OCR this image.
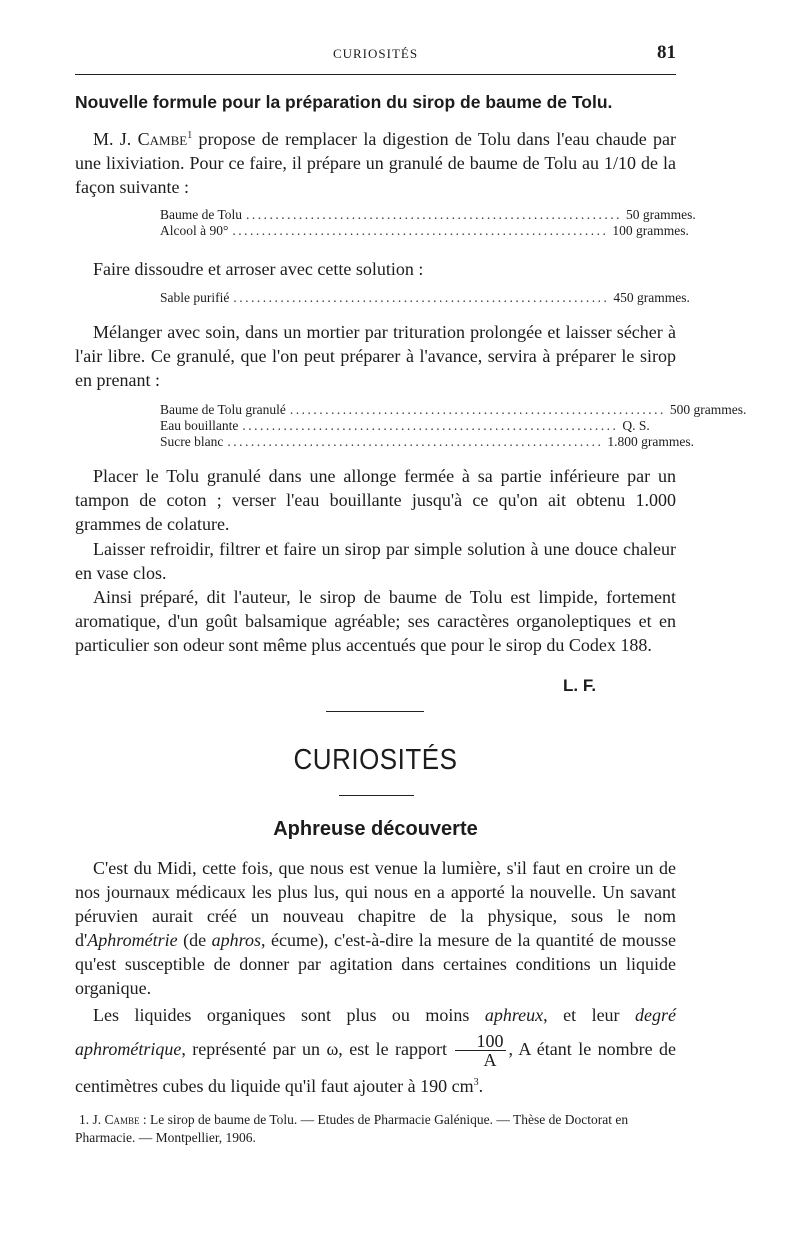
CURIOSITÉS	81
Nouvelle formule pour la préparation du sirop de baume de Tolu.

M. J. Cambe$^1$ propose de remplacer la digestion de Tolu dans l'eau chaude par une lixiviation. Pour ce faire, il prépare un granulé de baume de Tolu au 1/10 de la façon suivante :

Baume de Tolu ................................................................ 50 grammes.
Alcool à 90° ................................................................ 100 grammes.

Faire dissoudre et arroser avec cette solution :

Sable purifié ................................................................ 450 grammes.

Mélanger avec soin, dans un mortier par trituration prolongée et laisser sécher à l'air libre. Ce granulé, que l'on peut préparer à l'avance, servira à préparer le sirop en prenant :

Baume de Tolu granulé ................................................................ 500 grammes.
Eau bouillante ................................................................ Q. S.
Sucre blanc ................................................................ 1.800 grammes.

Placer le Tolu granulé dans une allonge fermée à sa partie inférieure par un tampon de coton ; verser l'eau bouillante jusqu'à ce qu'on ait obtenu 1.000 grammes de colature.

Laisser refroidir, filtrer et faire un sirop par simple solution à une douce chaleur en vase clos.

Ainsi préparé, dit l'auteur, le sirop de baume de Tolu est limpide, fortement aromatique, d'un goût balsamique agréable; ses caractères organoleptiques et en particulier son odeur sont même plus accentués que pour le sirop du Codex 188.

L. F.
CURIOSITÉS
Aphreuse découverte

C'est du Midi, cette fois, que nous est venue la lumière, s'il faut en croire un de nos journaux médicaux les plus lus, qui nous en a apporté la nouvelle. Un savant péruvien aurait créé un nouveau chapitre de la physique, sous le nom d'Aphrométrie (de aphros, écume), c'est-à-dire la mesure de la quantité de mousse qu'est susceptible de donner par agitation dans certaines conditions un liquide organique.

Les liquides organiques sont plus ou moins aphreux, et leur degré aphrométrique, représenté par un ω, est le rapport $\frac{100}{A}$ , A étant le nombre de centimètres cubes du liquide qu'il faut ajouter à 190 $cm^3$.

1. J. Cambe : Le sirop de baume de Tolu. — Etudes de Pharmacie Galénique. — Thèse de Doctorat en Pharmacie. — Montpellier, 1906.
